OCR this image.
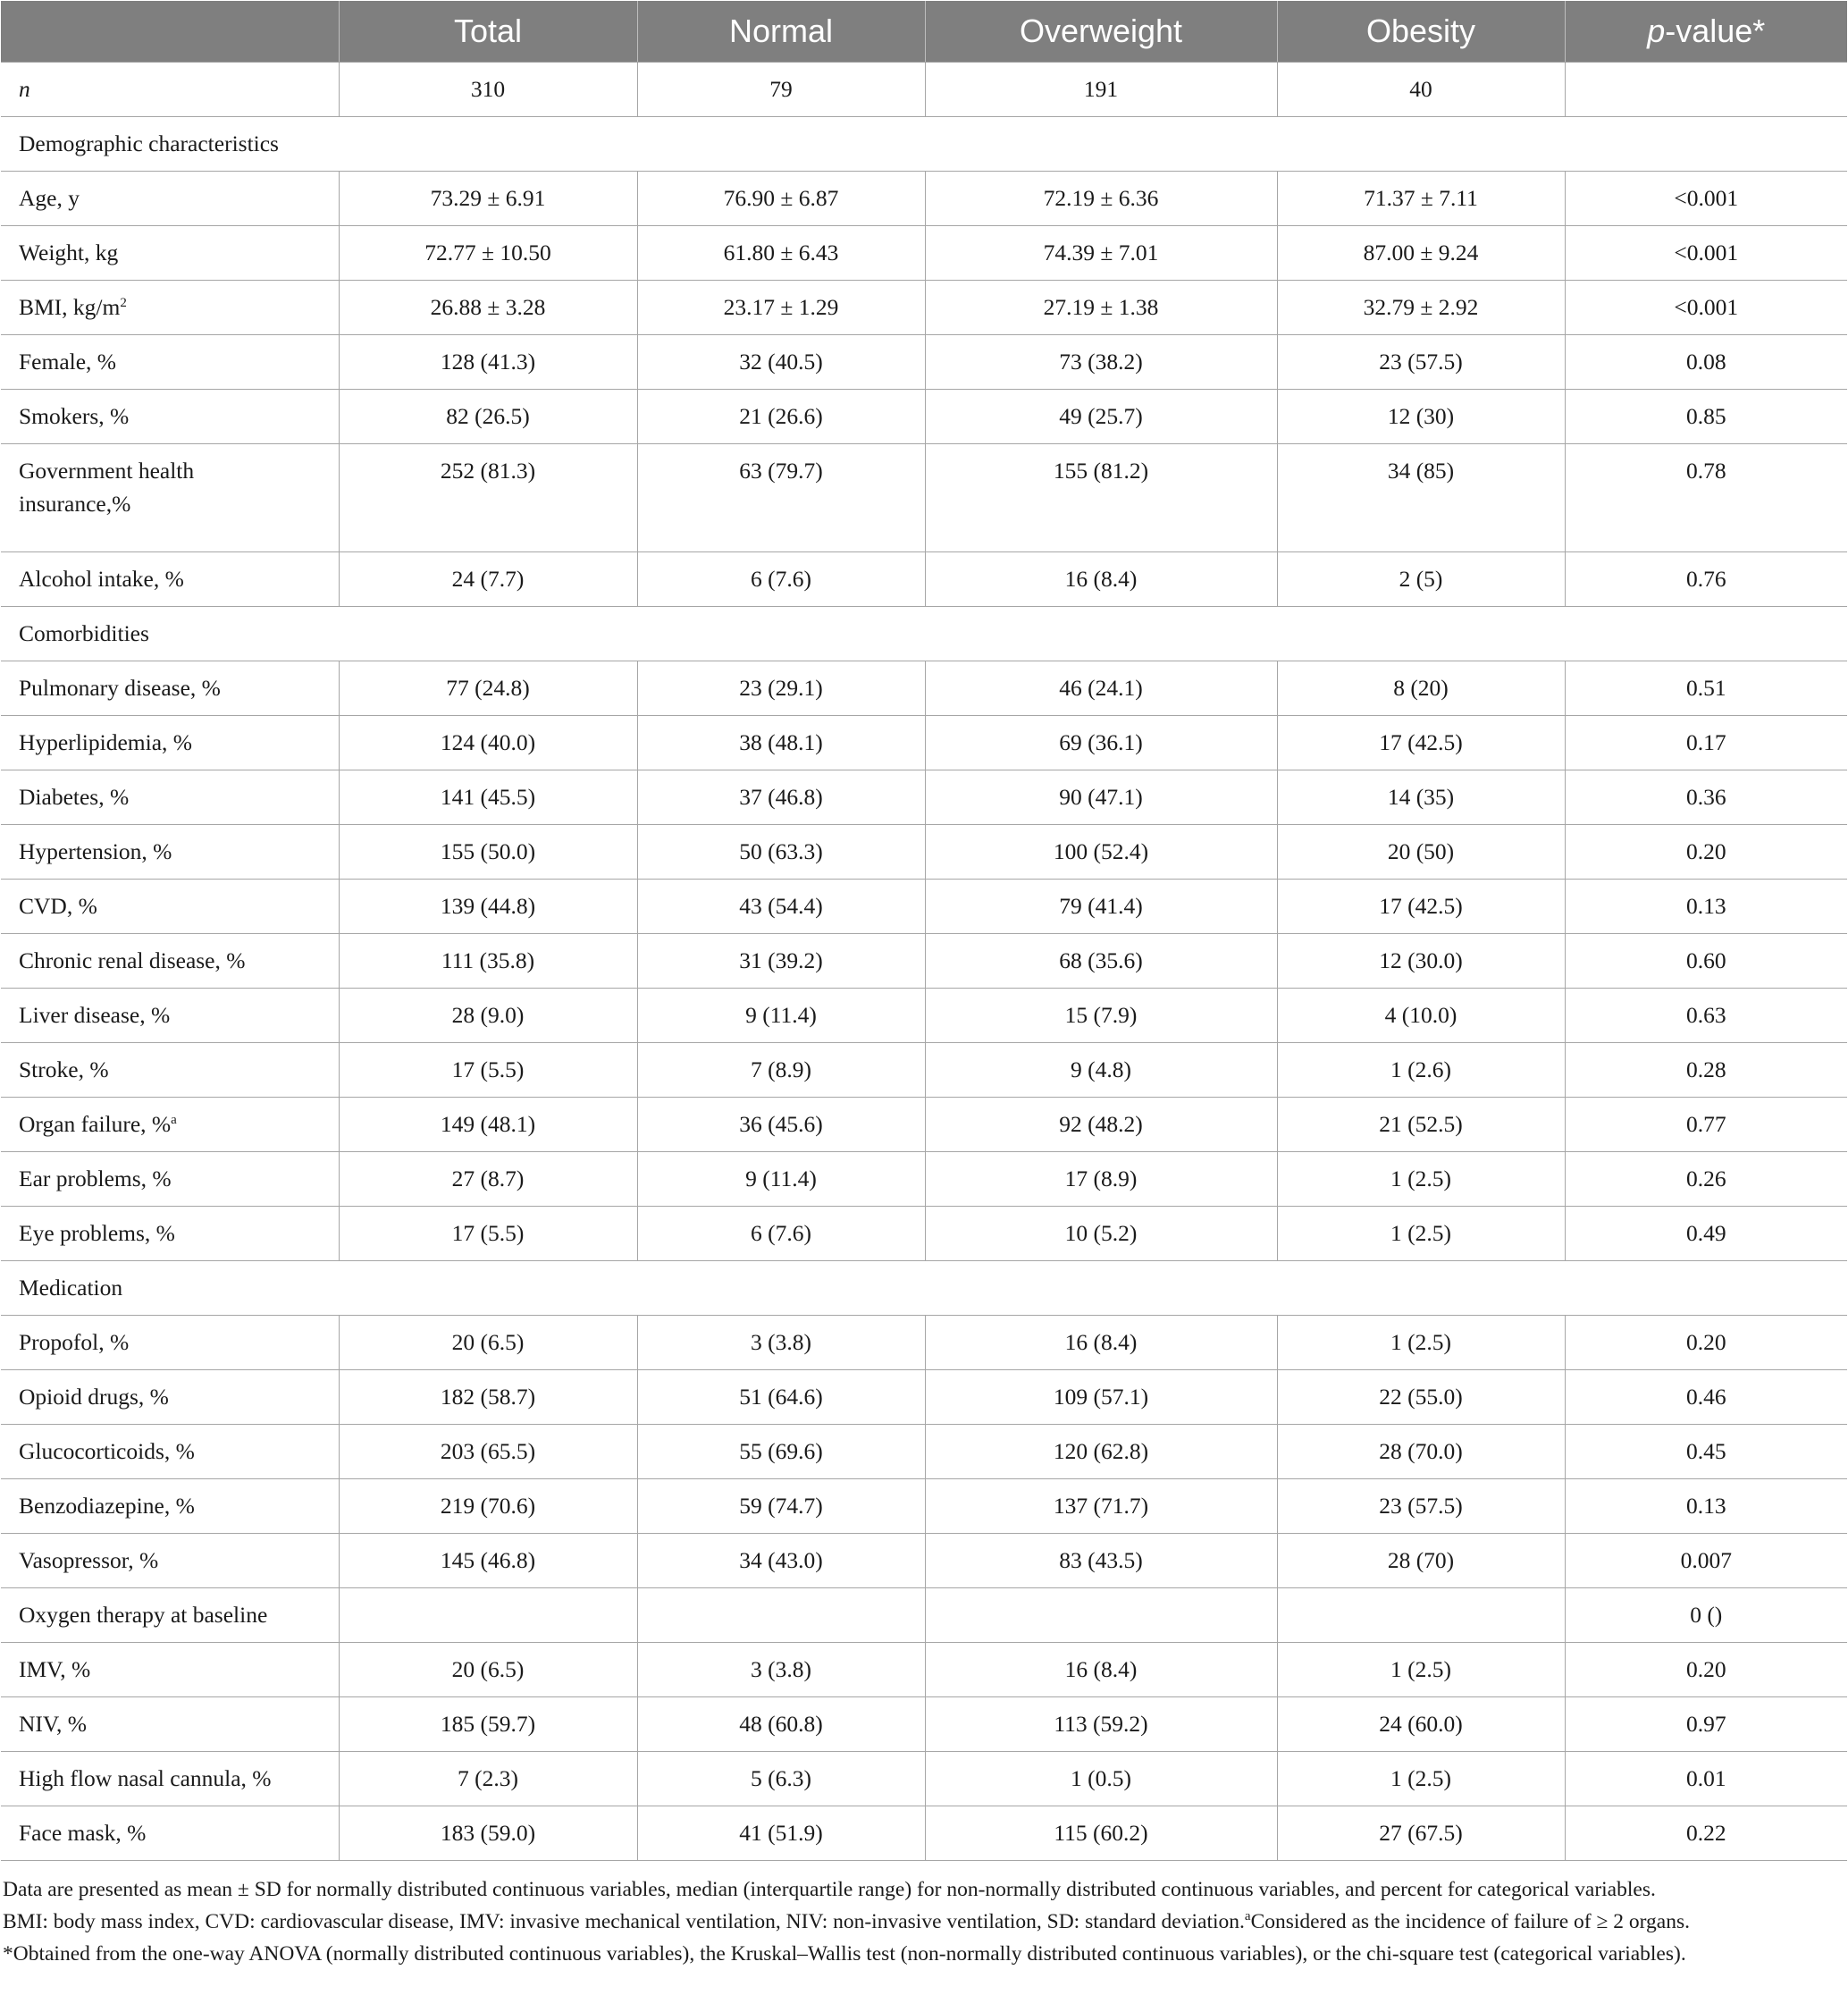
	Total	Normal	Overweight	Obesity	p-value*
n	310	79	191	40	
Demographic characteristics					
Age, y	73.29 ± 6.91	76.90 ± 6.87	72.19 ± 6.36	71.37 ± 7.11	<0.001
Weight, kg	72.77 ± 10.50	61.80 ± 6.43	74.39 ± 7.01	87.00 ± 9.24	<0.001
BMI, $kg/m^2$	26.88 ± 3.28	23.17 ± 1.29	27.19 ± 1.38	32.79 ± 2.92	<0.001
Female, %	128 (41.3)	32 (40.5)	73 (38.2)	23 (57.5)	0.08
Smokers, %	82 (26.5)	21 (26.6)	49 (25.7)	12 (30)	0.85
Government health
insurance,%	252 (81.3)	63 (79.7)	155 (81.2)	34 (85)	0.78
Alcohol intake, %	24 (7.7)	6 (7.6)	16 (8.4)	2 (5)	0.76
Comorbidities					
Pulmonary disease, %	77 (24.8)	23 (29.1)	46 (24.1)	8 (20)	0.51
Hyperlipidemia, %	124 (40.0)	38 (48.1)	69 (36.1)	17 (42.5)	0.17
Diabetes, %	141 (45.5)	37 (46.8)	90 (47.1)	14 (35)	0.36
Hypertension, %	155 (50.0)	50 (63.3)	100 (52.4)	20 (50)	0.20
CVD, %	139 (44.8)	43 (54.4)	79 (41.4)	17 (42.5)	0.13
Chronic renal disease, %	111 (35.8)	31 (39.2)	68 (35.6)	12 (30.0)	0.60
Liver disease, %	28 (9.0)	9 (11.4)	15 (7.9)	4 (10.0)	0.63
Stroke, %	17 (5.5)	7 (8.9)	9 (4.8)	1 (2.6)	0.28
Organ failure, %$^a$	149 (48.1)	36 (45.6)	92 (48.2)	21 (52.5)	0.77
Ear problems, %	27 (8.7)	9 (11.4)	17 (8.9)	1 (2.5)	0.26
Eye problems, %	17 (5.5)	6 (7.6)	10 (5.2)	1 (2.5)	0.49
Medication					
Propofol, %	20 (6.5)	3 (3.8)	16 (8.4)	1 (2.5)	0.20
Opioid drugs, %	182 (58.7)	51 (64.6)	109 (57.1)	22 (55.0)	0.46
Glucocorticoids, %	203 (65.5)	55 (69.6)	120 (62.8)	28 (70.0)	0.45
Benzodiazepine, %	219 (70.6)	59 (74.7)	137 (71.7)	23 (57.5)	0.13
Vasopressor, %	145 (46.8)	34 (43.0)	83 (43.5)	28 (70)	0.007
Oxygen therapy at baseline					0 ()
IMV, %	20 (6.5)	3 (3.8)	16 (8.4)	1 (2.5)	0.20
NIV, %	185 (59.7)	48 (60.8)	113 (59.2)	24 (60.0)	0.97
High flow nasal cannula, %	7 (2.3)	5 (6.3)	1 (0.5)	1 (2.5)	0.01
Face mask, %	183 (59.0)	41 (51.9)	115 (60.2)	27 (67.5)	0.22

Data are presented as mean ± SD for normally distributed continuous variables, median (interquartile range) for non-normally distributed continuous variables, and percent for categorical variables.

BMI: body mass index, CVD: cardiovascular disease, IMV: invasive mechanical ventilation, NIV: non-invasive ventilation, SD: standard deviation.$^a$Considered as the incidence of failure of ≥ 2 organs.

*Obtained from the one-way ANOVA (normally distributed continuous variables), the Kruskal–Wallis test (non-normally distributed continuous variables), or the chi-square test (categorical variables).
